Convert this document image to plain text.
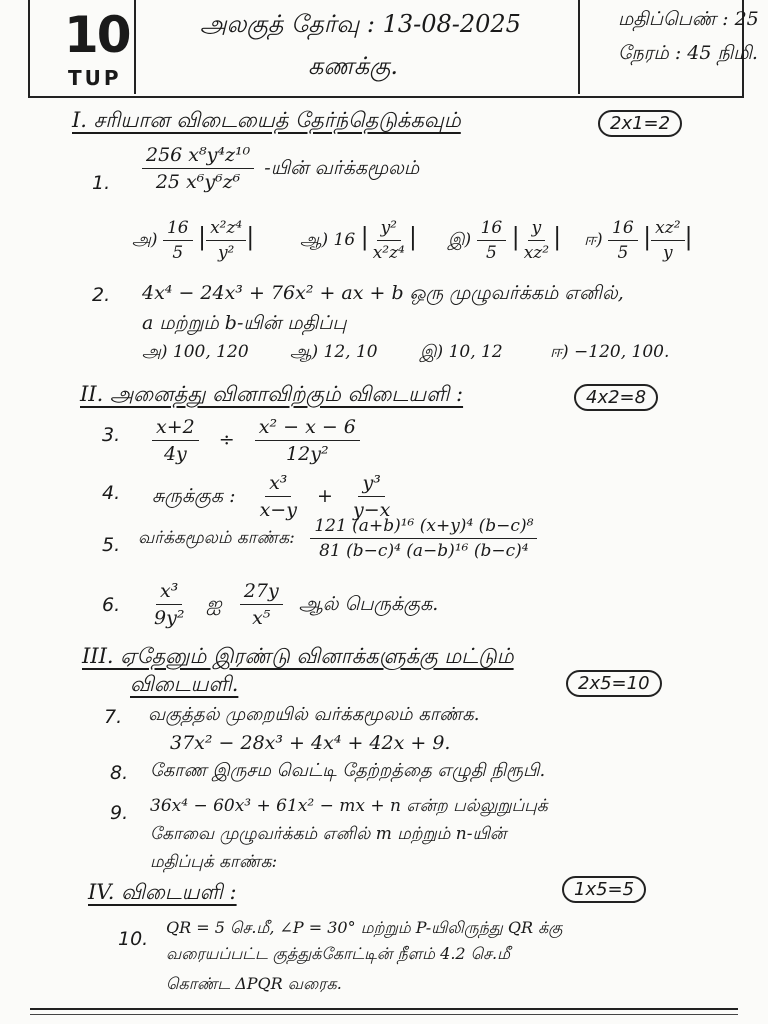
10
TUP
அலகுத் தேர்வு : 13-08-2025
கணக்கு.
மதிப்பெண் : 25
நேரம் : 45 நிமி.
I. சரியான விடையைத் தேர்ந்தெடுக்கவும்	2x1=2
1. $\frac{\text{256 x⁸y⁴z¹⁰}}{\text{25 x⁶y⁶z⁶}}$ -யின் வர்க்கமூலம்
அ) $\frac{16}{5}$ | $\frac{\text{x²z⁴}}{\text{y²}}$ |	ஆ) 16 | $\frac{\text{y²}}{\text{x²z⁴}}$ | இ) $\frac{16}{5}$ | $\frac{y}{\text{xz²}}$ | ஈ) $\frac{16}{5}$ | $\frac{\text{xz²}}{y}$ |
2. 4x⁴ − 24x³ + 76x² + ax + b ஒரு முழுவர்க்கம் எனில்,
a மற்றும் b-யின் மதிப்பு
அ) 100, 120 ஆ) 12, 10 இ) 10, 12	ஈ) −120, 100.
II. அனைத்து வினாவிற்கும் விடையளி :	4x2=8
3. $\frac{x+2}{4y} \div \frac{\text{x² − x − 6}}{\text{12y²}}$
4. சுருக்குக : $\frac{\text{x³}}{x-y} + \frac{\text{y³}}{y-x}$
5. வர்க்கமூலம் காண்க: $\frac{\text{121 (a+b)¹⁶ (x+y)⁴ (b−c)⁸}}{\text{81 (b−c)⁴ (a−b)¹⁶ (b−c)⁴}}$
6. $\frac{\text{x³}}{\text{9y²}}$ ஐ $\frac{27y}{\text{x⁵}}$ ஆல் பெருக்குக.
III. ஏதேனும் இரண்டு வினாக்களுக்கு மட்டும்
விடையளி.	2x5=10
7. வகுத்தல் முறையில் வர்க்கமூலம் காண்க.
37x² − 28x³ + 4x⁴ + 42x + 9.
8. கோண இருசம வெட்டி தேற்றத்தை எழுதி நிரூபி.
9. 36x⁴ − 60x³ + 61x² − mx + n என்ற பல்லுறுப்புக்
கோவை முழுவர்க்கம் எனில் m மற்றும் n-யின்
மதிப்புக் காண்க:
IV. விடையளி :	1x5=5
10.
QR = 5 செ.மீ, ∠P = 30° மற்றும் P-யிலிருந்து QR க்கு
வரையப்பட்ட குத்துக்கோட்டின் நீளம் 4.2 செ.மீ
கொண்ட ΔPQR வரைக.
